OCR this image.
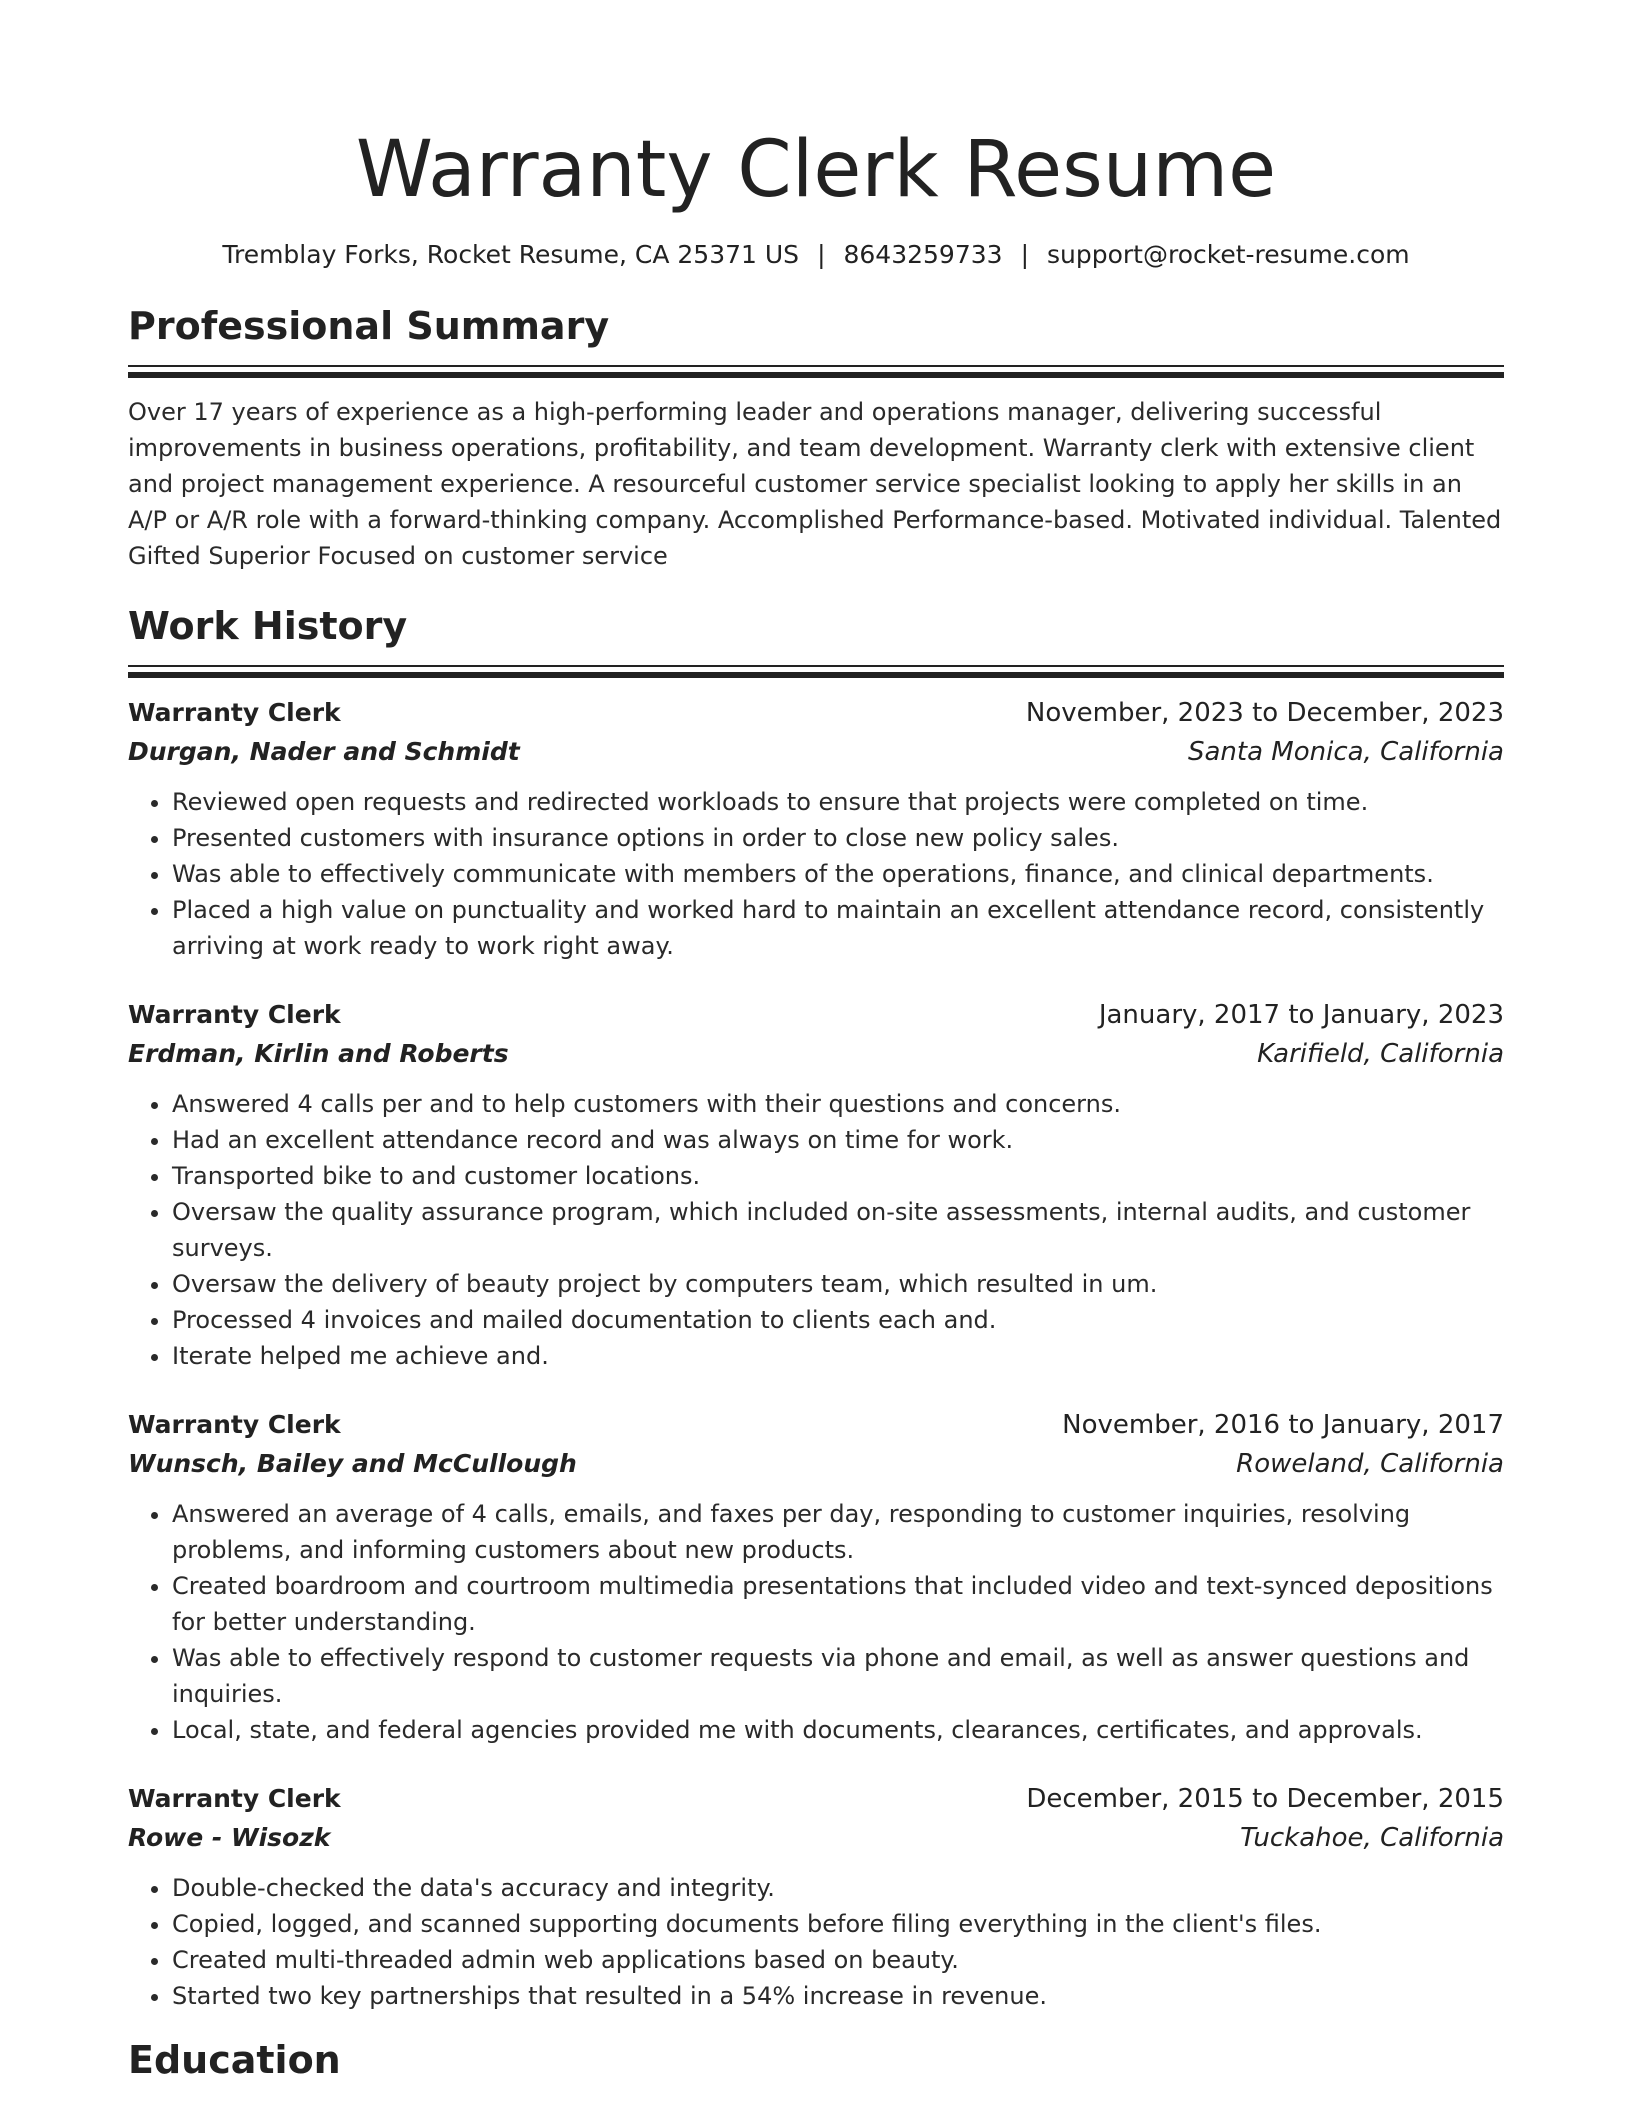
Warranty Clerk Resume
Tremblay Forks, Rocket Resume, CA 25371 US | 8643259733 | support@rocket-resume.com
Professional Summary
Over 17 years of experience as a high-performing leader and operations manager, delivering successful improvements in business operations, profitability, and team development. Warranty clerk with extensive client and project management experience. A resourceful customer service specialist looking to apply her skills in an A/P or A/R role with a forward-thinking company. Accomplished Performance-based. Motivated individual. Talented Gifted Superior Focused on customer service
Work History
Warranty Clerk	November, 2023 to December, 2023
Durgan, Nader and Schmidt	Santa Monica, California
• Reviewed open requests and redirected workloads to ensure that projects were completed on time.
• Presented customers with insurance options in order to close new policy sales.
• Was able to effectively communicate with members of the operations, finance, and clinical departments.
• Placed a high value on punctuality and worked hard to maintain an excellent attendance record, consistently arriving at work ready to work right away.
Warranty Clerk	January, 2017 to January, 2023
Erdman, Kirlin and Roberts	Karifield, California
• Answered 4 calls per and to help customers with their questions and concerns.
• Had an excellent attendance record and was always on time for work.
• Transported bike to and customer locations.
• Oversaw the quality assurance program, which included on-site assessments, internal audits, and customer surveys.
• Oversaw the delivery of beauty project by computers team, which resulted in um.
• Processed 4 invoices and mailed documentation to clients each and.
• Iterate helped me achieve and.
Warranty Clerk	November, 2016 to January, 2017
Wunsch, Bailey and McCullough	Roweland, California
• Answered an average of 4 calls, emails, and faxes per day, responding to customer inquiries, resolving problems, and informing customers about new products.
• Created boardroom and courtroom multimedia presentations that included video and text-synced depositions for better understanding.
• Was able to effectively respond to customer requests via phone and email, as well as answer questions and inquiries.
• Local, state, and federal agencies provided me with documents, clearances, certificates, and approvals.
Warranty Clerk	December, 2015 to December, 2015
Rowe - Wisozk	Tuckahoe, California
• Double-checked the data's accuracy and integrity.
• Copied, logged, and scanned supporting documents before filing everything in the client's files.
• Created multi-threaded admin web applications based on beauty.
• Started two key partnerships that resulted in a 54% increase in revenue.
Education
